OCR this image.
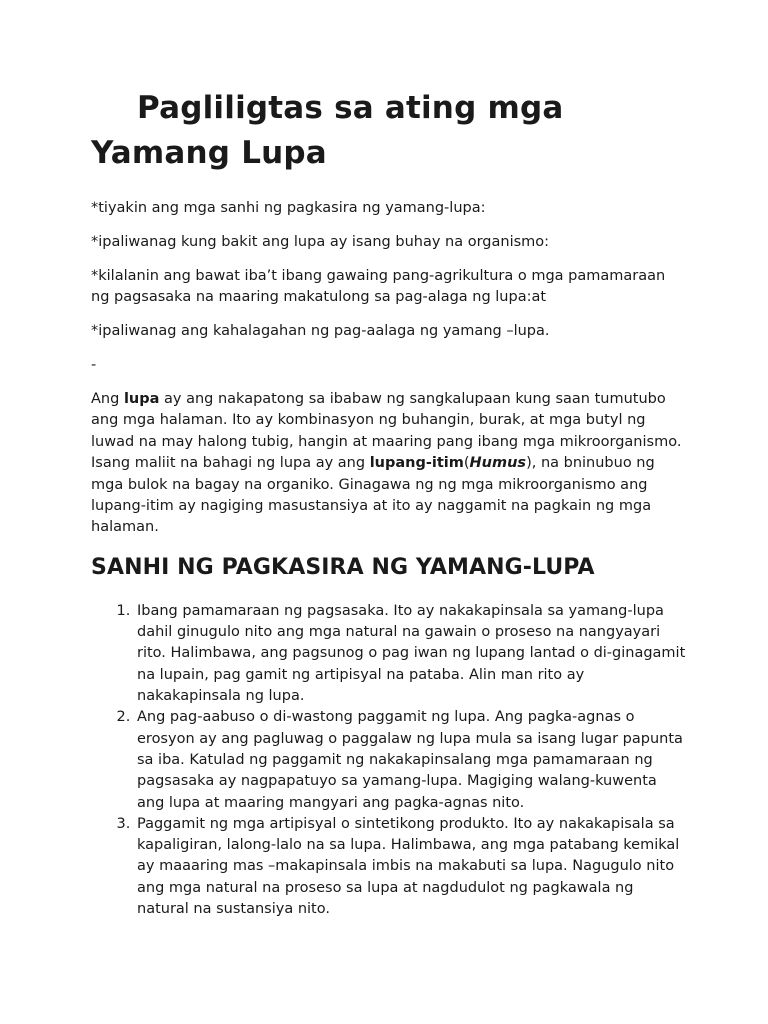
Pagliligtas sa ating mga
Yamang Lupa

*tiyakin ang mga sanhi ng pagkasira ng yamang-lupa:

*ipaliwanag kung bakit ang lupa ay isang buhay na organismo:

*kilalanin ang bawat iba’t ibang gawaing pang-agrikultura o mga pamamaraan ng pagsasaka na maaring makatulong sa pag-alaga ng lupa:at

*ipaliwanag ang kahalagahan ng pag-aalaga ng yamang –lupa.

-

Ang lupa ay ang nakapatong sa ibabaw ng sangkalupaan kung saan tumutubo ang mga halaman. Ito ay kombinasyon ng buhangin, burak, at mga butyl ng luwad na may halong tubig, hangin at maaring pang ibang mga mikroorganismo. Isang maliit na bahagi ng lupa ay ang lupang-itim(Humus), na bninubuo ng mga bulok na bagay na organiko. Ginagawa ng ng mga mikroorganismo ang lupang-itim ay nagiging masustansiya at ito ay naggamit na pagkain ng mga halaman.

SANHI NG PAGKASIRA NG YAMANG-LUPA
1. Ibang pamamaraan ng pagsasaka. Ito ay nakakapinsala sa yamang-lupa dahil ginugulo nito ang mga natural na gawain o proseso na nangyayari rito. Halimbawa, ang pagsunog o pag iwan ng lupang lantad o di-ginagamit na lupain, pag gamit ng artipisyal na pataba. Alin man rito ay nakakapinsala ng lupa.
2. Ang pag-aabuso o di-wastong paggamit ng lupa. Ang pagka-agnas o erosyon ay ang pagluwag o paggalaw ng lupa mula sa isang lugar papunta sa iba. Katulad ng paggamit ng nakakapinsalang mga pamamaraan ng pagsasaka ay nagpapatuyo sa yamang-lupa. Magiging walang-kuwenta ang lupa at maaring mangyari ang pagka-agnas nito.
3. Paggamit ng mga artipisyal o sintetikong produkto. Ito ay nakakapisala sa kapaligiran, lalong-lalo na sa lupa. Halimbawa, ang mga patabang kemikal ay maaaring mas –makapinsala imbis na makabuti sa lupa. Nagugulo nito ang mga natural na proseso sa lupa at nagdudulot ng pagkawala ng natural na sustansiya nito.
